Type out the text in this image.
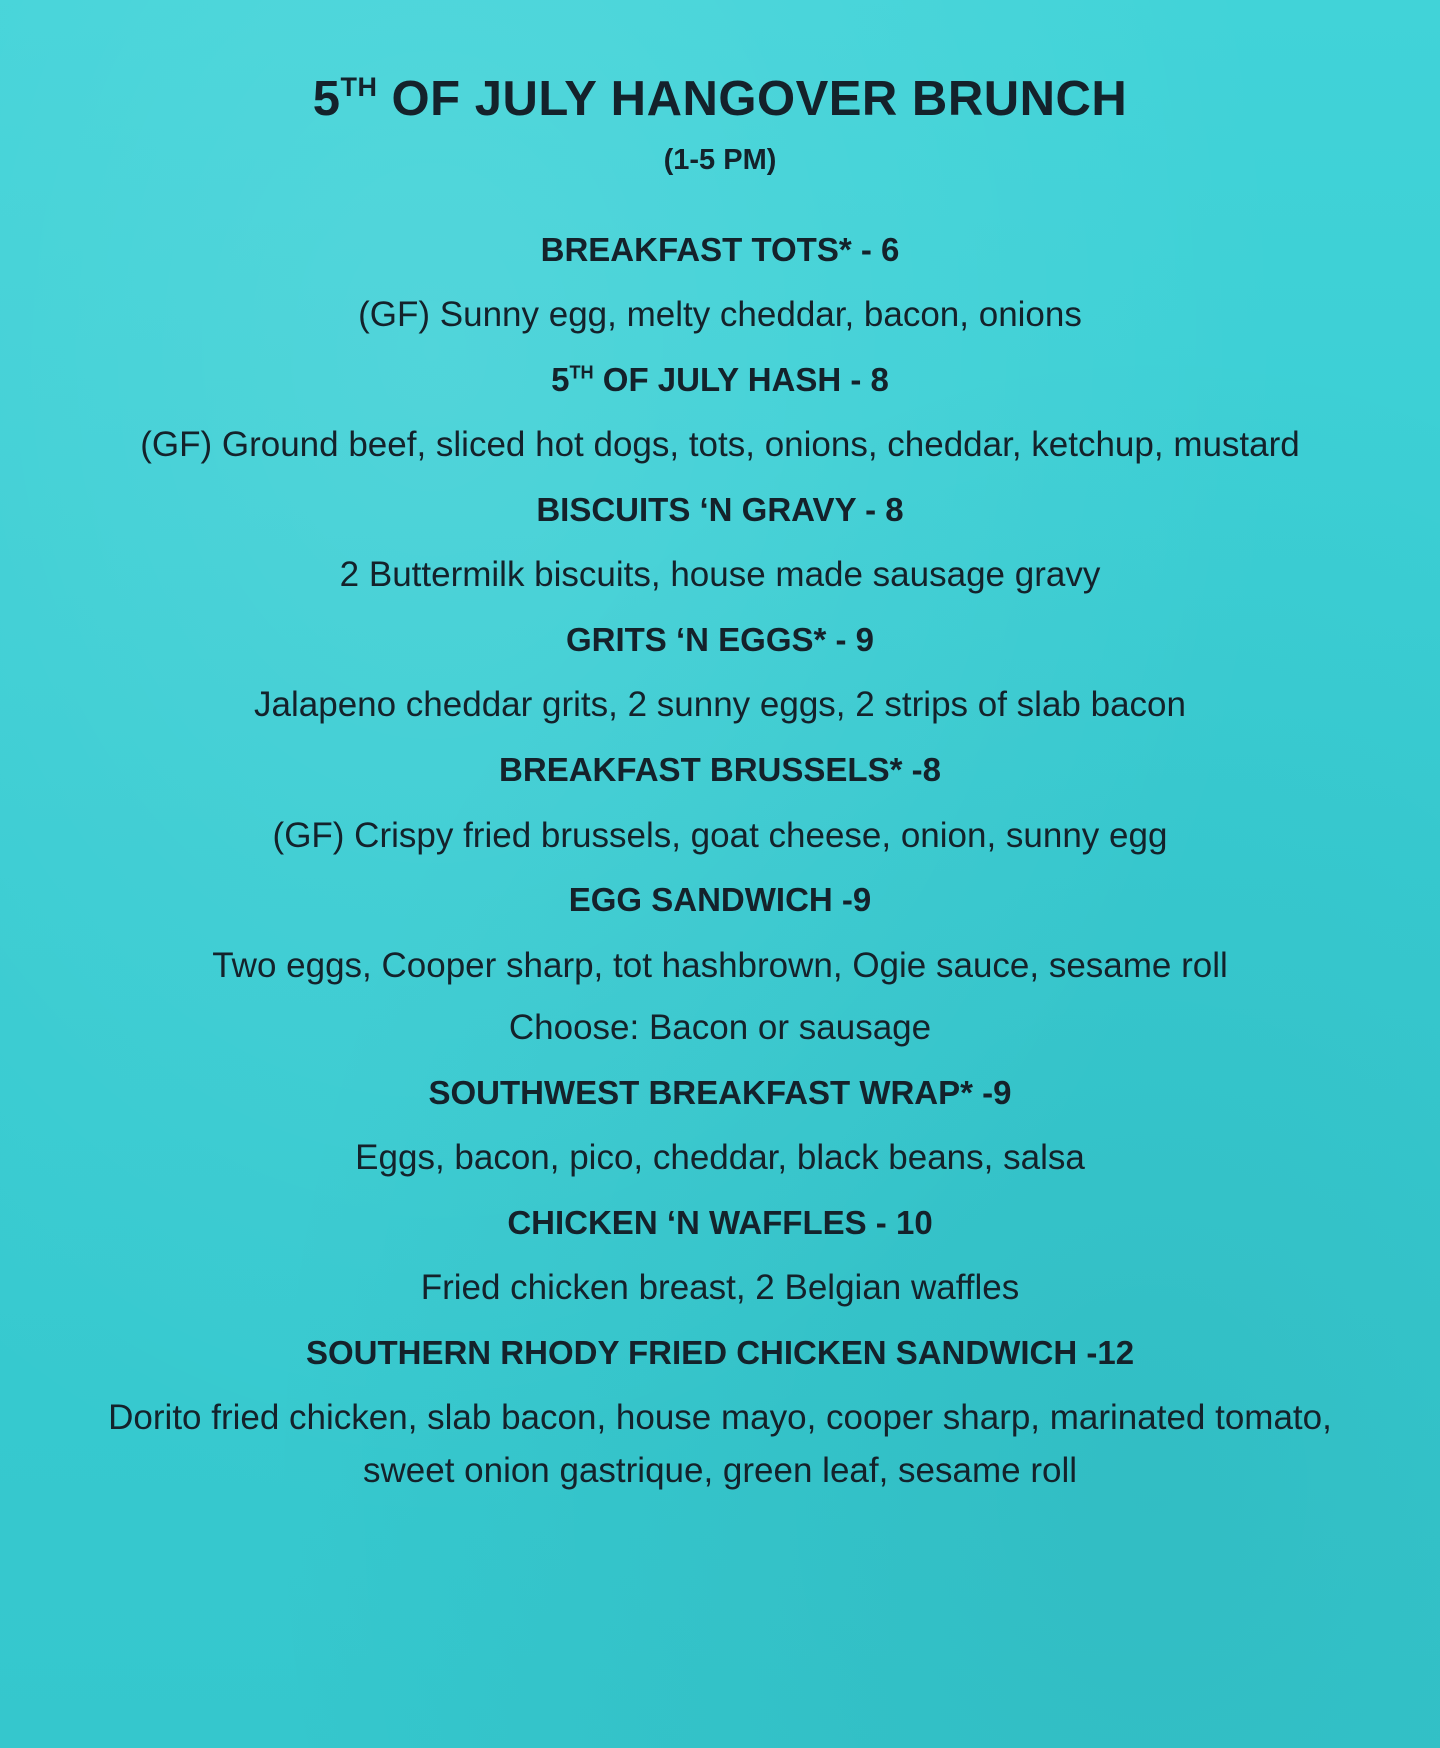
5TH OF JULY HANGOVER BRUNCH

(1-5 PM)

BREAKFAST TOTS* - 6

(GF) Sunny egg, melty cheddar, bacon, onions

5TH OF JULY HASH - 8

(GF) Ground beef, sliced hot dogs, tots, onions, cheddar, ketchup, mustard

BISCUITS ‘N GRAVY - 8

2 Buttermilk biscuits, house made sausage gravy

GRITS ‘N EGGS* - 9

Jalapeno cheddar grits, 2 sunny eggs, 2 strips of slab bacon

BREAKFAST BRUSSELS* -8

(GF) Crispy fried brussels, goat cheese, onion, sunny egg

EGG SANDWICH -9

Two eggs, Cooper sharp, tot hashbrown, Ogie sauce, sesame roll

Choose: Bacon or sausage

SOUTHWEST BREAKFAST WRAP* -9

Eggs, bacon, pico, cheddar, black beans, salsa

CHICKEN ‘N WAFFLES - 10

Fried chicken breast, 2 Belgian waffles

SOUTHERN RHODY FRIED CHICKEN SANDWICH -12

Dorito fried chicken, slab bacon, house mayo, cooper sharp, marinated tomato, sweet onion gastrique, green leaf, sesame roll
